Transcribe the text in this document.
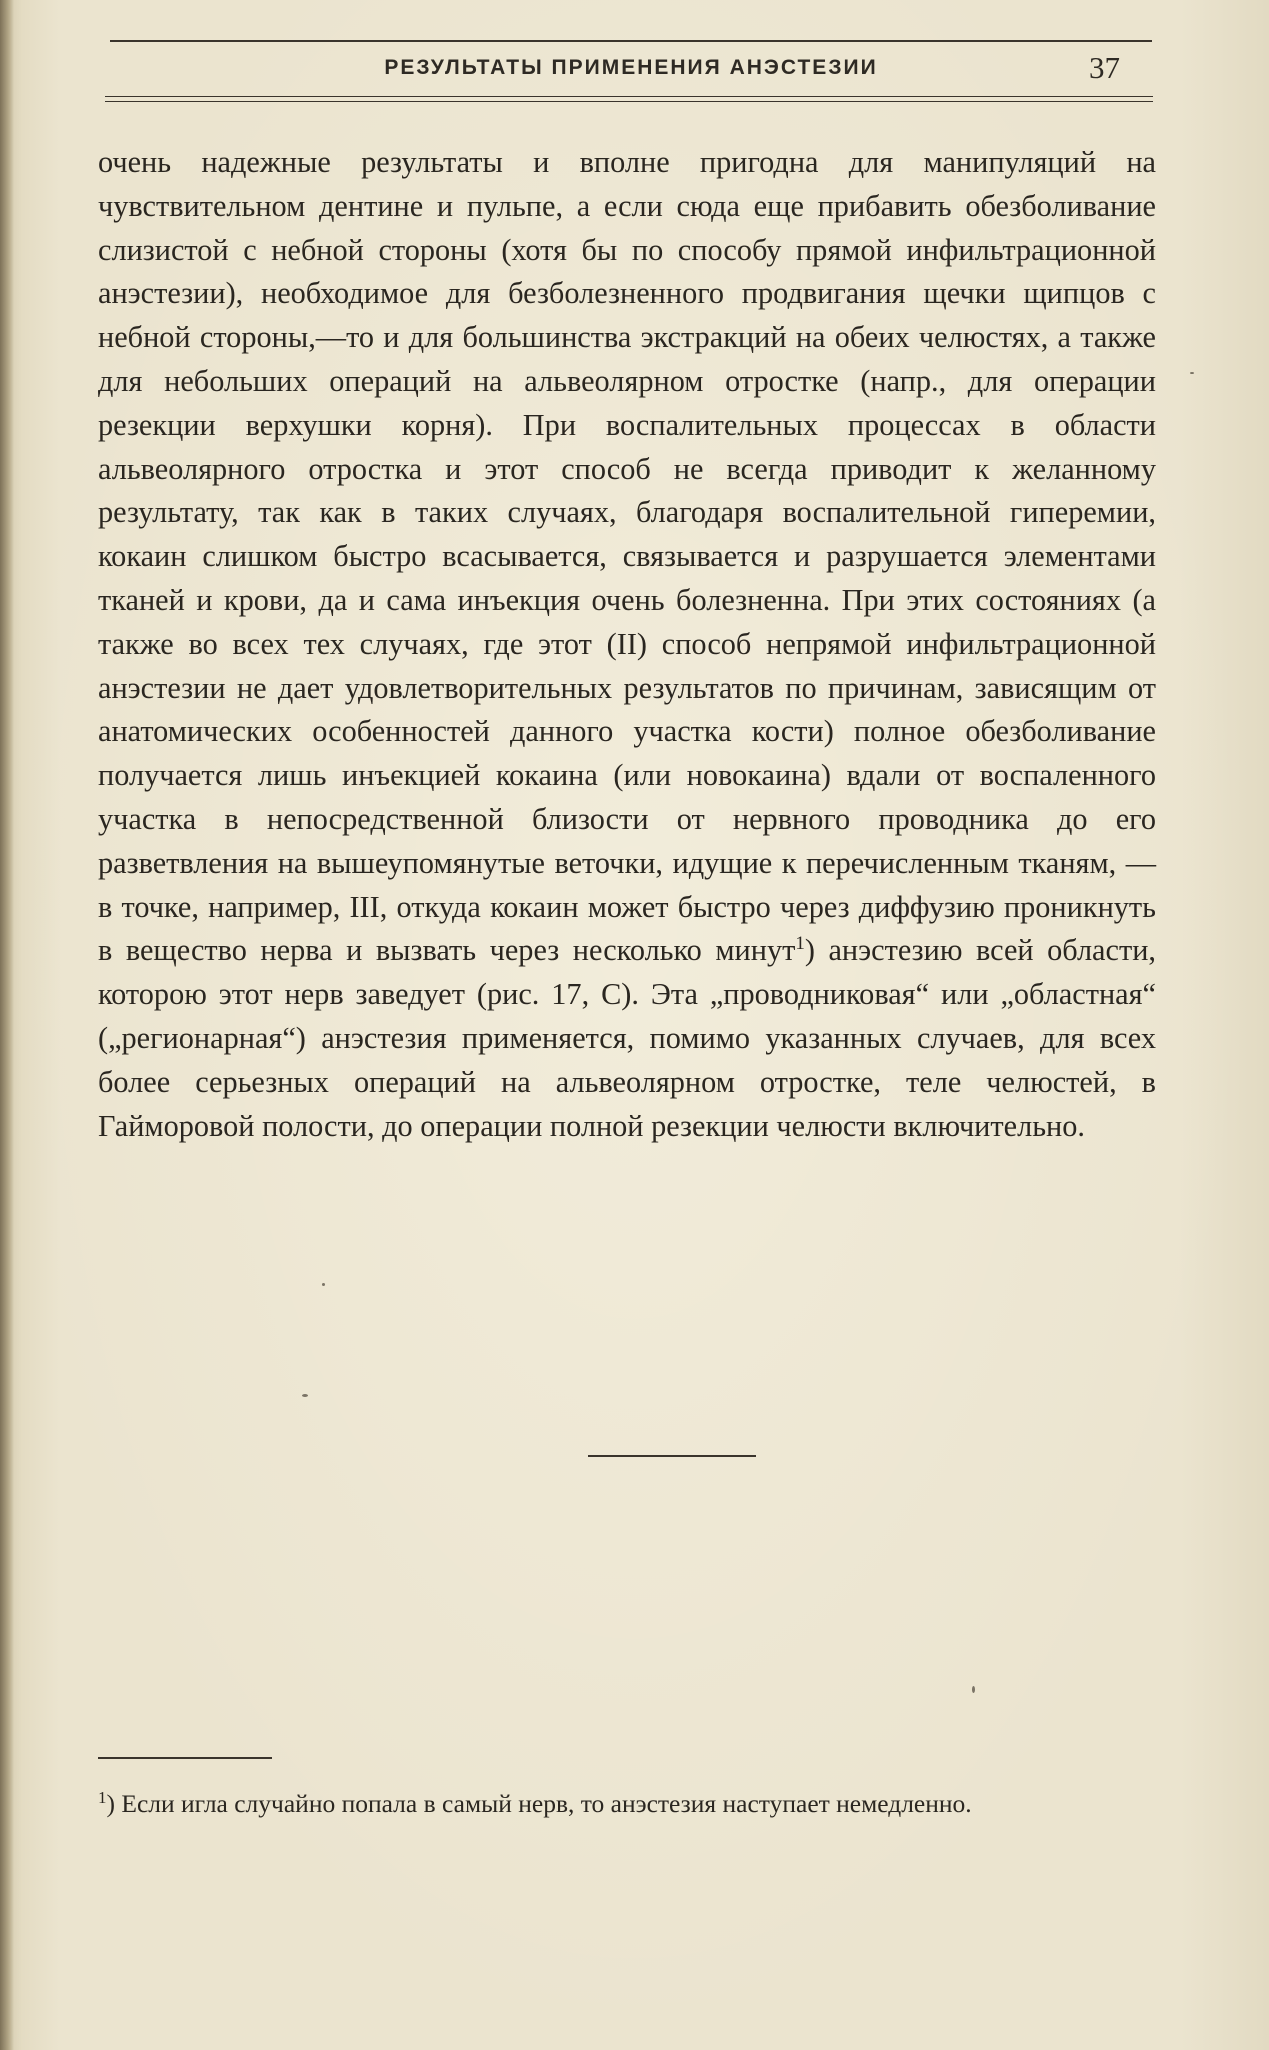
РЕЗУЛЬТАТЫ ПРИМЕНЕНИЯ АНЭСТЕЗИИ	37
очень надежные результаты и вполне пригодна для манипуляций на чувствительном дентине и пульпе, а если сюда еще прибавить обезболивание слизистой с небной стороны (хотя бы по способу прямой инфильтрационной анэстезии), необходимое для безболезненного продвигания щечки щипцов с небной стороны,—то и для большинства экстракций на обеих челюстях, а также для небольших операций на альвеолярном отростке (напр., для операции резекции верхушки корня). При воспалительных процессах в области альвеолярного отростка и этот способ не всегда приводит к желанному результату, так как в таких случаях, благодаря воспалительной гиперемии, кокаин слишком быстро всасывается, связывается и разрушается элементами тканей и крови, да и сама инъекция очень болезненна. При этих состояниях (а также во всех тех случаях, где этот (II) способ непрямой инфильтрационной анэстезии не дает удовлетворительных результатов по причинам, зависящим от анатомических особенностей данного участка кости) полное обезболивание получается лишь инъекцией кокаина (или новокаина) вдали от воспаленного участка в непосредственной близости от нервного проводника до его разветвления на вышеупомянутые веточки, идущие к перечисленным тканям, — в точке, например, III, откуда кокаин может быстро через диффузию проникнуть в вещество нерва и вызвать через несколько минут$^1$) анэстезию всей области, которою этот нерв заведует (рис. 17, С). Эта „проводниковая“ или „областная“ („регионарная“) анэстезия применяется, помимо указанных случаев, для всех более серьезных операций на альвеолярном отростке, теле челюстей, в Гайморовой полости, до операции полной резекции челюсти включительно.
$^1$) Если игла случайно попала в самый нерв, то анэстезия наступает немедленно.
